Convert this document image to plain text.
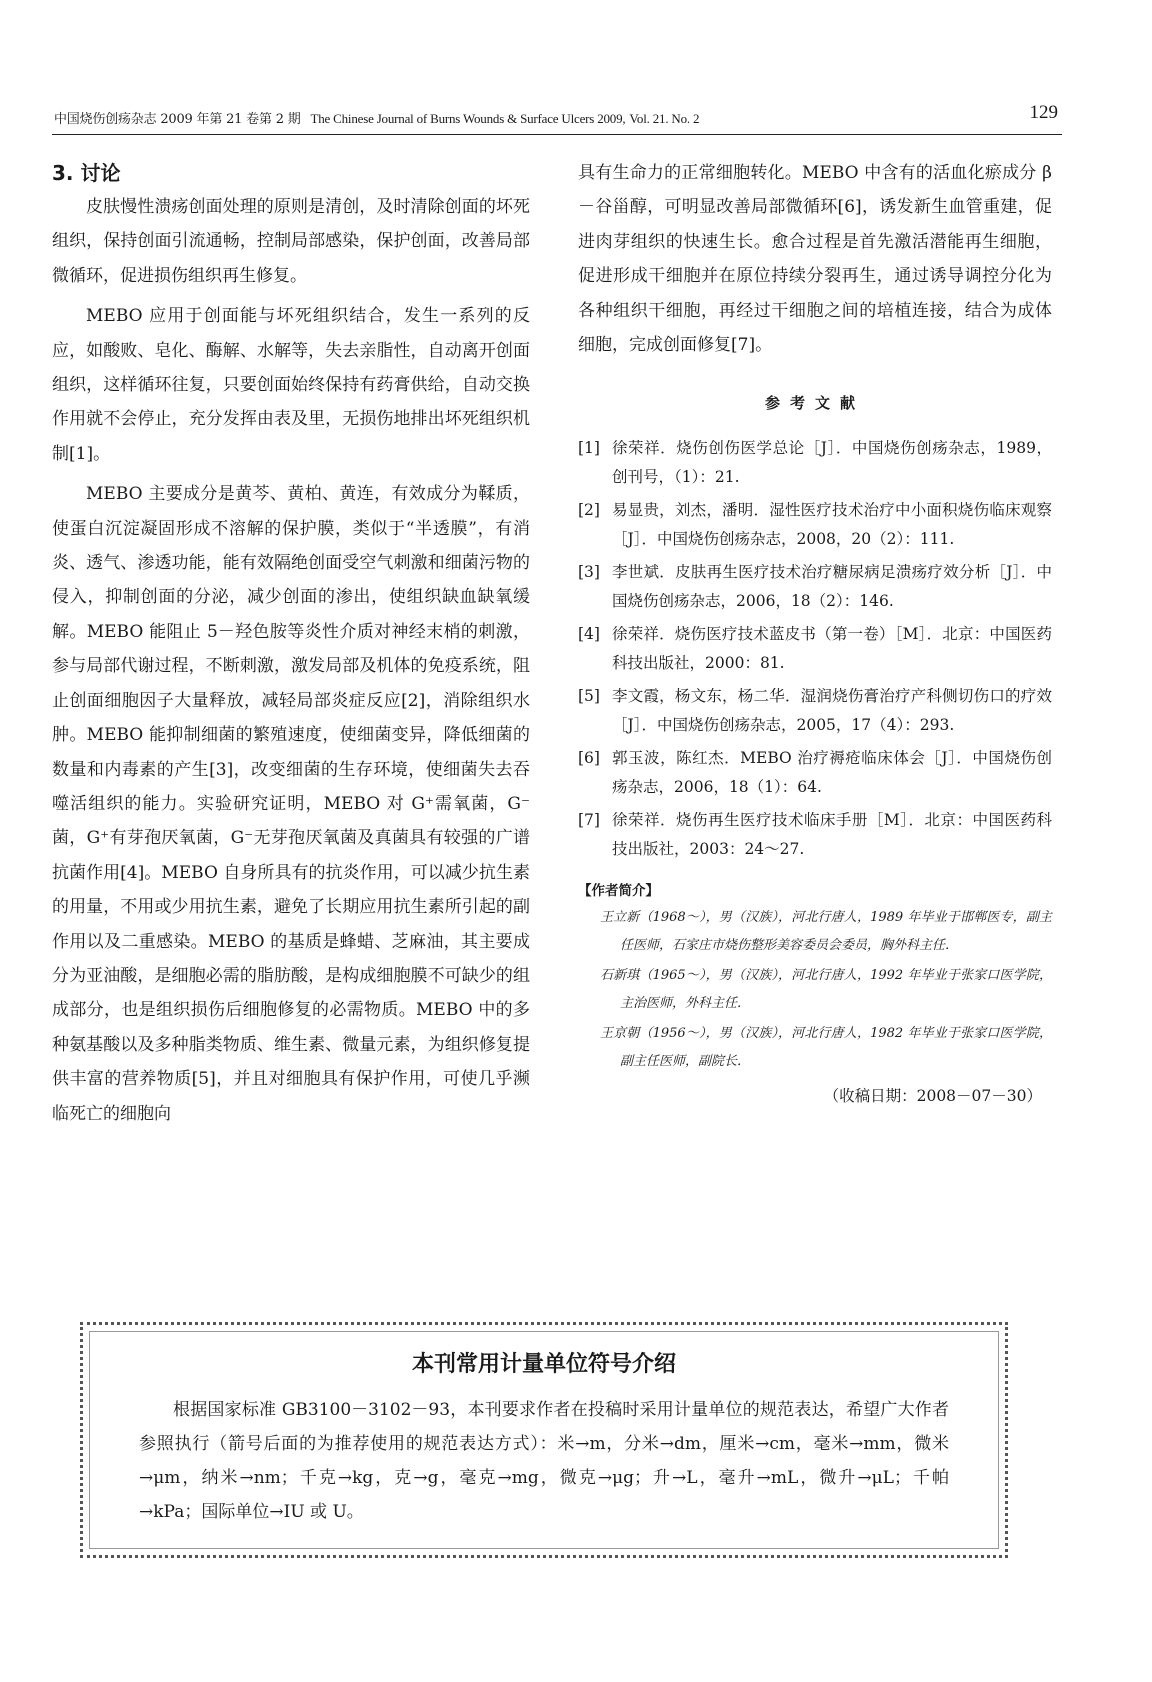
中国烧伤创疡杂志 2009 年第 21 卷第 2 期 The Chinese Journal of Burns Wounds & Surface Ulcers 2009, Vol. 21. No. 2	129
3. 讨论

皮肤慢性溃疡创面处理的原则是清创，及时清除创面的坏死组织，保持创面引流通畅，控制局部感染，保护创面，改善局部微循环，促进损伤组织再生修复。

MEBO 应用于创面能与坏死组织结合，发生一系列的反应，如酸败、皂化、酶解、水解等，失去亲脂性，自动离开创面组织，这样循环往复，只要创面始终保持有药膏供给，自动交换作用就不会停止，充分发挥由表及里，无损伤地排出坏死组织机制[1]。

MEBO 主要成分是黄芩、黄柏、黄连，有效成分为鞣质，使蛋白沉淀凝固形成不溶解的保护膜，类似于“半透膜”，有消炎、透气、渗透功能，能有效隔绝创面受空气刺激和细菌污物的侵入，抑制创面的分泌，减少创面的渗出，使组织缺血缺氧缓解。MEBO 能阻止 5－羟色胺等炎性介质对神经末梢的刺激，参与局部代谢过程，不断刺激，激发局部及机体的免疫系统，阻止创面细胞因子大量释放，减轻局部炎症反应[2]，消除组织水肿。MEBO 能抑制细菌的繁殖速度，使细菌变异，降低细菌的数量和内毒素的产生[3]，改变细菌的生存环境，使细菌失去吞噬活组织的能力。实验研究证明，MEBO 对 G⁺需氧菌，G⁻菌，G⁺有芽孢厌氧菌，G⁻无芽孢厌氧菌及真菌具有较强的广谱抗菌作用[4]。MEBO 自身所具有的抗炎作用，可以减少抗生素的用量，不用或少用抗生素，避免了长期应用抗生素所引起的副作用以及二重感染。MEBO 的基质是蜂蜡、芝麻油，其主要成分为亚油酸，是细胞必需的脂肪酸，是构成细胞膜不可缺少的组成部分，也是组织损伤后细胞修复的必需物质。MEBO 中的多种氨基酸以及多种脂类物质、维生素、微量元素，为组织修复提供丰富的营养物质[5]，并且对细胞具有保护作用，可使几乎濒临死亡的细胞向

具有生命力的正常细胞转化。MEBO 中含有的活血化瘀成分 β－谷甾醇，可明显改善局部微循环[6]，诱发新生血管重建，促进肉芽组织的快速生长。愈合过程是首先激活潜能再生细胞，促进形成干细胞并在原位持续分裂再生，通过诱导调控分化为各种组织干细胞，再经过干细胞之间的培植连接，结合为成体细胞，完成创面修复[7]。

参考文献
[1] 徐荣祥．烧伤创伤医学总论［J］．中国烧伤创疡杂志，1989，创刊号，（1）：21.
[2] 易显贵，刘杰，潘明．湿性医疗技术治疗中小面积烧伤临床观察［J］．中国烧伤创疡杂志，2008，20（2）：111.
[3] 李世斌．皮肤再生医疗技术治疗糖尿病足溃疡疗效分析［J］．中国烧伤创疡杂志，2006，18（2）：146.
[4] 徐荣祥．烧伤医疗技术蓝皮书（第一卷）［M］．北京：中国医药科技出版社，2000：81.
[5] 李文霞，杨文东，杨二华．湿润烧伤膏治疗产科侧切伤口的疗效［J］．中国烧伤创疡杂志，2005，17（4）：293.
[6] 郭玉波，陈红杰．MEBO 治疗褥疮临床体会［J］．中国烧伤创疡杂志，2006，18（1）：64.
[7] 徐荣祥．烧伤再生医疗技术临床手册［M］．北京：中国医药科技出版社，2003：24～27.
【作者简介】
王立新（1968～），男（汉族），河北行唐人，1989 年毕业于邯郸医专，副主任医师，石家庄市烧伤整形美容委员会委员，胸外科主任．
石新琪（1965～），男（汉族），河北行唐人，1992 年毕业于张家口医学院，主治医师，外科主任．
王京朝（1956～），男（汉族），河北行唐人，1982 年毕业于张家口医学院，副主任医师，副院长．
（收稿日期：2008－07－30）
本刊常用计量单位符号介绍

根据国家标准 GB3100－3102－93，本刊要求作者在投稿时采用计量单位的规范表达，希望广大作者参照执行（箭号后面的为推荐使用的规范表达方式）：米→m，分米→dm，厘米→cm，毫米→mm，微米→μm，纳米→nm；千克→kg，克→g，毫克→mg，微克→μg；升→L，毫升→mL，微升→μL；千帕→kPa；国际单位→IU 或 U。
